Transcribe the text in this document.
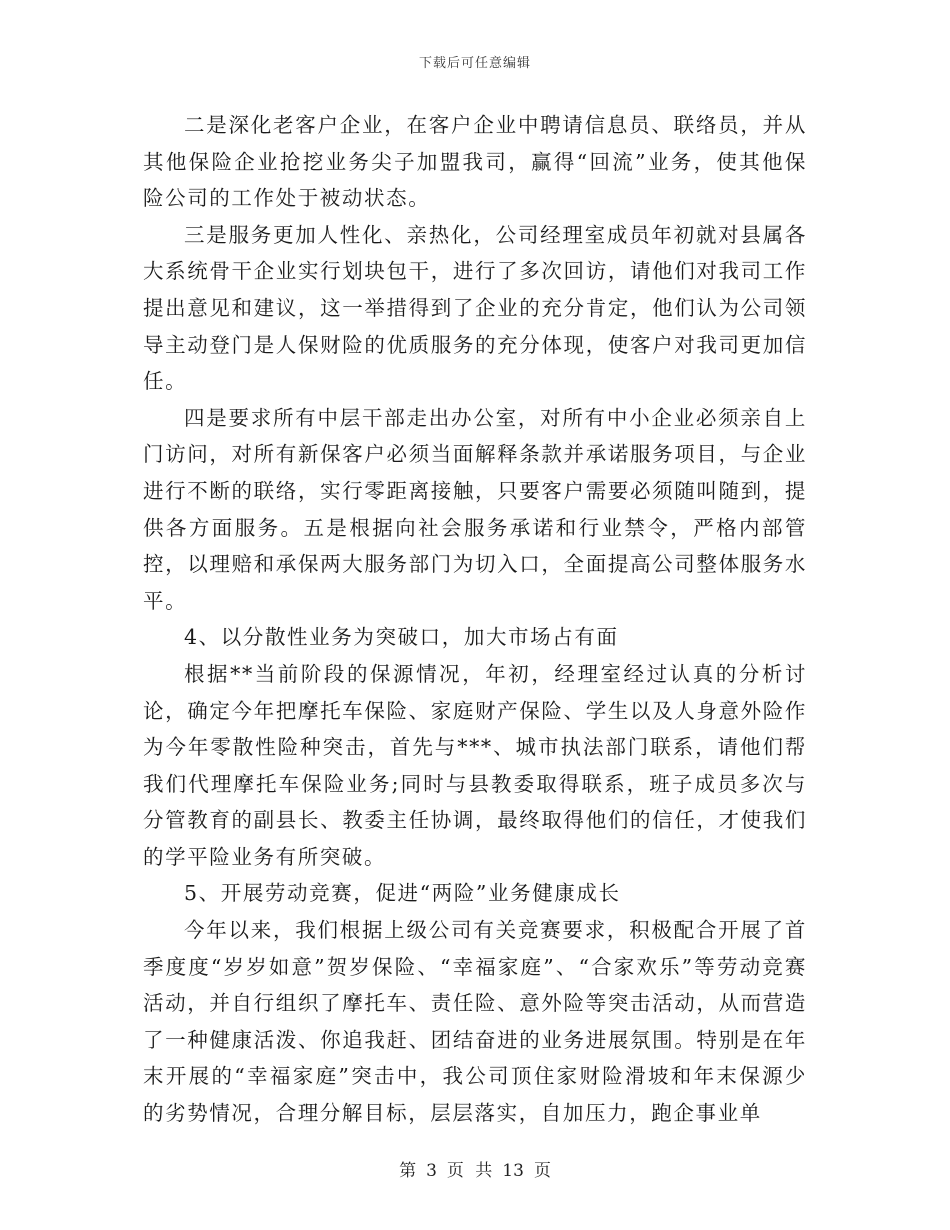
下载后可任意编辑

二是深化老客户企业，在客户企业中聘请信息员、联络员，并从其他保险企业抢挖业务尖子加盟我司，赢得“回流”业务，使其他保险公司的工作处于被动状态。

三是服务更加人性化、亲热化，公司经理室成员年初就对县属各大系统骨干企业实行划块包干，进行了多次回访，请他们对我司工作提出意见和建议，这一举措得到了企业的充分肯定，他们认为公司领导主动登门是人保财险的优质服务的充分体现，使客户对我司更加信任。

四是要求所有中层干部走出办公室，对所有中小企业必须亲自上门访问，对所有新保客户必须当面解释条款并承诺服务项目，与企业进行不断的联络，实行零距离接触，只要客户需要必须随叫随到，提供各方面服务。五是根据向社会服务承诺和行业禁令，严格内部管控，以理赔和承保两大服务部门为切入口，全面提高公司整体服务水平。

4、以分散性业务为突破口，加大市场占有面

根据**当前阶段的保源情况，年初，经理室经过认真的分析讨论，确定今年把摩托车保险、家庭财产保险、学生以及人身意外险作为今年零散性险种突击，首先与***、城市执法部门联系，请他们帮我们代理摩托车保险业务;同时与县教委取得联系，班子成员多次与分管教育的副县长、教委主任协调，最终取得他们的信任，才使我们的学平险业务有所突破。

5、开展劳动竞赛，促进“两险”业务健康成长

今年以来，我们根据上级公司有关竞赛要求，积极配合开展了首季度度“岁岁如意”贺岁保险、“幸福家庭”、“合家欢乐”等劳动竞赛活动，并自行组织了摩托车、责任险、意外险等突击活动，从而营造了一种健康活泼、你追我赶、团结奋进的业务进展氛围。特别是在年末开展的“幸福家庭”突击中，我公司顶住家财险滑坡和年末保源少的劣势情况，合理分解目标，层层落实，自加压力，跑企事业单

第 3 页 共 13 页
